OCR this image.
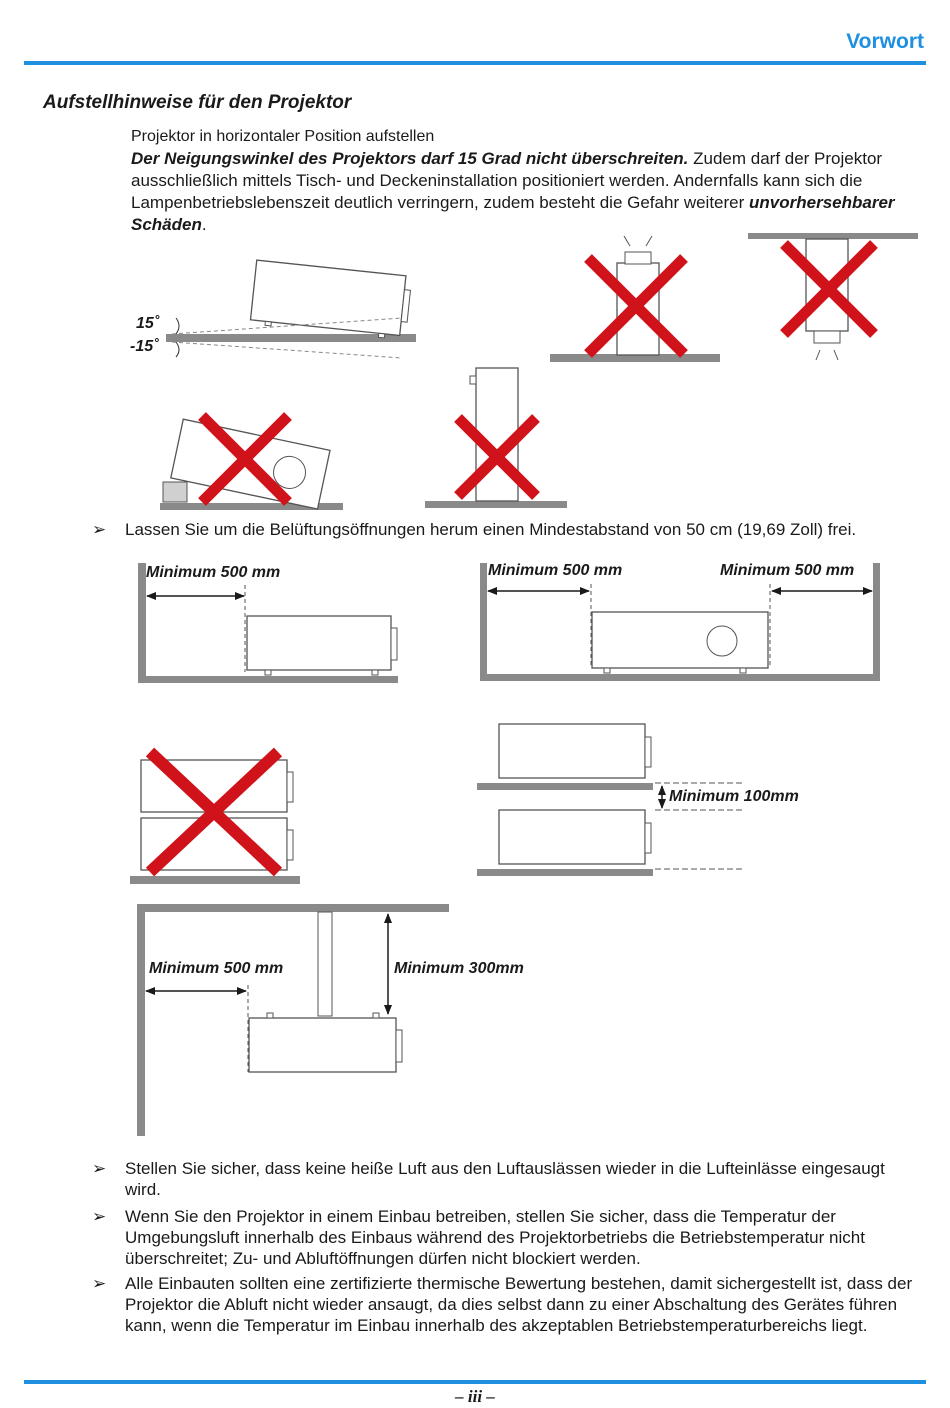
Vorwort
Aufstellhinweise für den Projektor
Projektor in horizontaler Position aufstellen
Der Neigungswinkel des Projektors darf 15 Grad nicht überschreiten. Zudem darf der Projektor ausschließlich mittels Tisch- und Deckeninstallation positioniert werden. Andernfalls kann sich die Lampenbetriebslebenszeit deutlich verringern, zudem besteht die Gefahr weiterer unvorhersehbarer Schäden.
15˚
-15˚
Minimum 500 mm	Minimum 500 mm	Minimum 500 mm
Minimum 100mm
Minimum 500 mm	Minimum 300mm
➢	Lassen Sie um die Belüftungsöffnungen herum einen Mindestabstand von 50 cm (19,69 Zoll) frei.
➢	Stellen Sie sicher, dass keine heiße Luft aus den Luftauslässen wieder in die Lufteinlässe eingesaugt wird.
➢	Wenn Sie den Projektor in einem Einbau betreiben, stellen Sie sicher, dass die Temperatur der Umgebungsluft innerhalb des Einbaus während des Projektorbetriebs die Betriebstemperatur nicht überschreitet; Zu- und Abluftöffnungen dürfen nicht blockiert werden.
➢	Alle Einbauten sollten eine zertifizierte thermische Bewertung bestehen, damit sichergestellt ist, dass der Projektor die Abluft nicht wieder ansaugt, da dies selbst dann zu einer Abschaltung des Gerätes führen kann, wenn die Temperatur im Einbau innerhalb des akzeptablen Betriebstemperaturbereichs liegt.
– iii –
